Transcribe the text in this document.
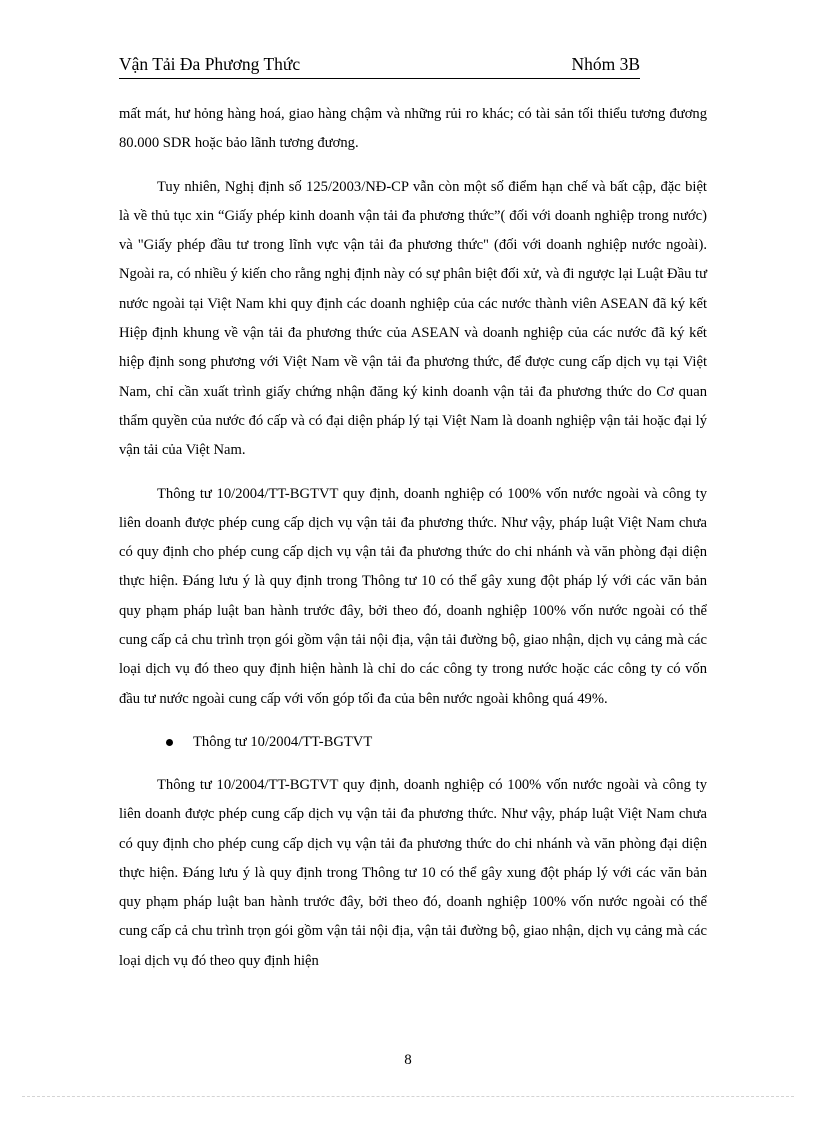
Vận Tải Đa Phương Thức	Nhóm 3B

mất mát, hư hỏng hàng hoá, giao hàng chậm và những rủi ro khác; có tài sản tối thiểu tương đương 80.000 SDR hoặc bảo lãnh tương đương.

Tuy nhiên, Nghị định số 125/2003/NĐ-CP vẫn còn một số điểm hạn chế và bất cập, đặc biệt là về thủ tục xin “Giấy phép kinh doanh vận tải đa phương thức”( đối với doanh nghiệp trong nước) và "Giấy phép đầu tư trong lĩnh vực vận tải đa phương thức" (đối với doanh nghiệp nước ngoài). Ngoài ra, có nhiều ý kiến cho rằng nghị định này có sự phân biệt đối xử, và đi ngược lại Luật Đầu tư nước ngoài tại Việt Nam khi quy định các doanh nghiệp của các nước thành viên ASEAN đã ký kết Hiệp định khung về vận tải đa phương thức của ASEAN và doanh nghiệp của các nước đã ký kết hiệp định song phương với Việt Nam về vận tải đa phương thức, để được cung cấp dịch vụ tại Việt Nam, chỉ cần xuất trình giấy chứng nhận đăng ký kinh doanh vận tải đa phương thức do Cơ quan thẩm quyền của nước đó cấp và có đại diện pháp lý tại Việt Nam là doanh nghiệp vận tải hoặc đại lý vận tải của Việt Nam.

Thông tư 10/2004/TT-BGTVT quy định, doanh nghiệp có 100% vốn nước ngoài và công ty liên doanh được phép cung cấp dịch vụ vận tải đa phương thức. Như vậy, pháp luật Việt Nam chưa có quy định cho phép cung cấp dịch vụ vận tải đa phương thức do chi nhánh và văn phòng đại diện thực hiện. Đáng lưu ý là quy định trong Thông tư 10 có thể gây xung đột pháp lý với các văn bản quy phạm pháp luật ban hành trước đây, bởi theo đó, doanh nghiệp 100% vốn nước ngoài có thể cung cấp cả chu trình trọn gói gồm vận tải nội địa, vận tải đường bộ, giao nhận, dịch vụ cảng mà các loại dịch vụ đó theo quy định hiện hành là chỉ do các công ty trong nước hoặc các công ty có vốn đầu tư nước ngoài cung cấp với vốn góp tối đa của bên nước ngoài không quá 49%.

Thông tư 10/2004/TT-BGTVT

Thông tư 10/2004/TT-BGTVT quy định, doanh nghiệp có 100% vốn nước ngoài và công ty liên doanh được phép cung cấp dịch vụ vận tải đa phương thức. Như vậy, pháp luật Việt Nam chưa có quy định cho phép cung cấp dịch vụ vận tải đa phương thức do chi nhánh và văn phòng đại diện thực hiện. Đáng lưu ý là quy định trong Thông tư 10 có thể gây xung đột pháp lý với các văn bản quy phạm pháp luật ban hành trước đây, bởi theo đó, doanh nghiệp 100% vốn nước ngoài có thể cung cấp cả chu trình trọn gói gồm vận tải nội địa, vận tải đường bộ, giao nhận, dịch vụ cảng mà các loại dịch vụ đó theo quy định hiện

8
